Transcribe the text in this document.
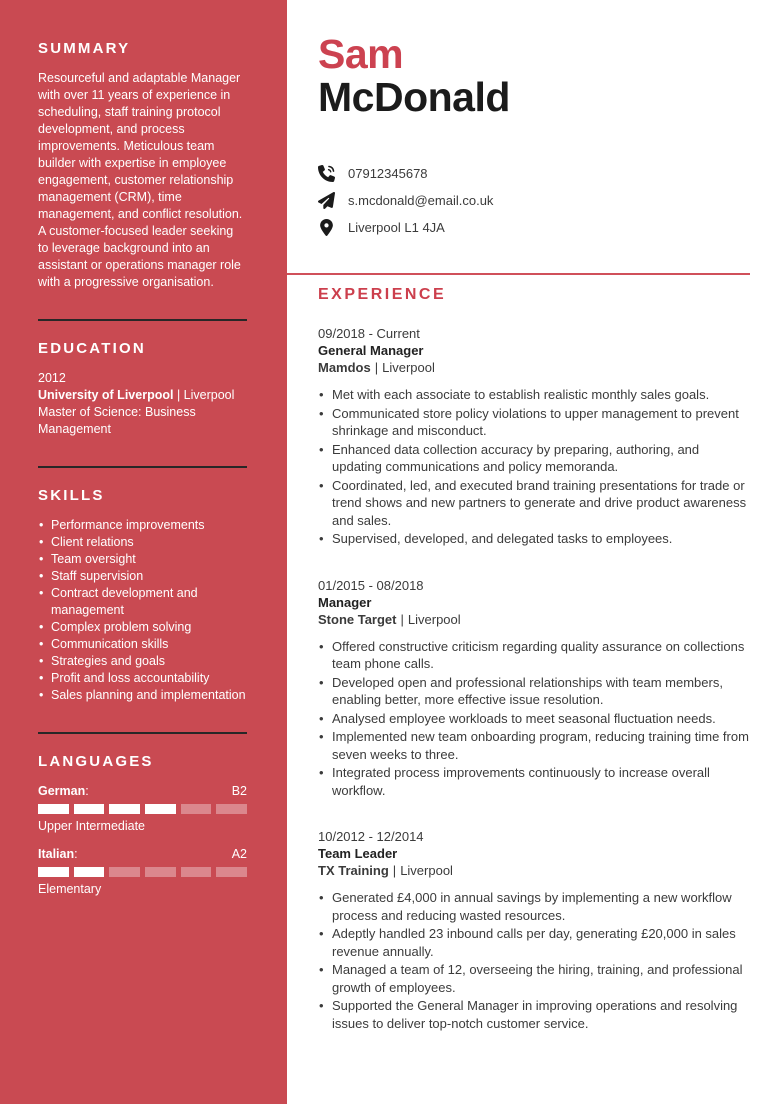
SUMMARY

Resourceful and adaptable Manager with over 11 years of experience in scheduling, staff training protocol development, and process improvements. Meticulous team builder with expertise in employee engagement, customer relationship management (CRM), time management, and conflict resolution. A customer-focused leader seeking to leverage background into an assistant or operations manager role with a progressive organisation.

EDUCATION

2012

University of Liverpool | Liverpool

Master of Science: Business Management

SKILLS
• Performance improvements
• Client relations
• Team oversight
• Staff supervision
• Contract development and management
• Complex problem solving
• Communication skills
• Strategies and goals
• Profit and loss accountability
• Sales planning and implementation
LANGUAGES
German:	B2
Upper Intermediate
Italian:	A2
Elementary
Sam
McDonald
07912345678
s.mcdonald@email.co.uk
Liverpool L1 4JA
EXPERIENCE
09/2018 - Current
General Manager
Mamdos | Liverpool
• Met with each associate to establish realistic monthly sales goals.
• Communicated store policy violations to upper management to prevent shrinkage and misconduct.
• Enhanced data collection accuracy by preparing, authoring, and updating communications and policy memoranda.
• Coordinated, led, and executed brand training presentations for trade or trend shows and new partners to generate and drive product awareness and sales.
• Supervised, developed, and delegated tasks to employees.
01/2015 - 08/2018
Manager
Stone Target | Liverpool
• Offered constructive criticism regarding quality assurance on collections team phone calls.
• Developed open and professional relationships with team members, enabling better, more effective issue resolution.
• Analysed employee workloads to meet seasonal fluctuation needs.
• Implemented new team onboarding program, reducing training time from seven weeks to three.
• Integrated process improvements continuously to increase overall workflow.
10/2012 - 12/2014
Team Leader
TX Training | Liverpool
• Generated £4,000 in annual savings by implementing a new workflow process and reducing wasted resources.
• Adeptly handled 23 inbound calls per day, generating £20,000 in sales revenue annually.
• Managed a team of 12, overseeing the hiring, training, and professional growth of employees.
• Supported the General Manager in improving operations and resolving issues to deliver top-notch customer service.
